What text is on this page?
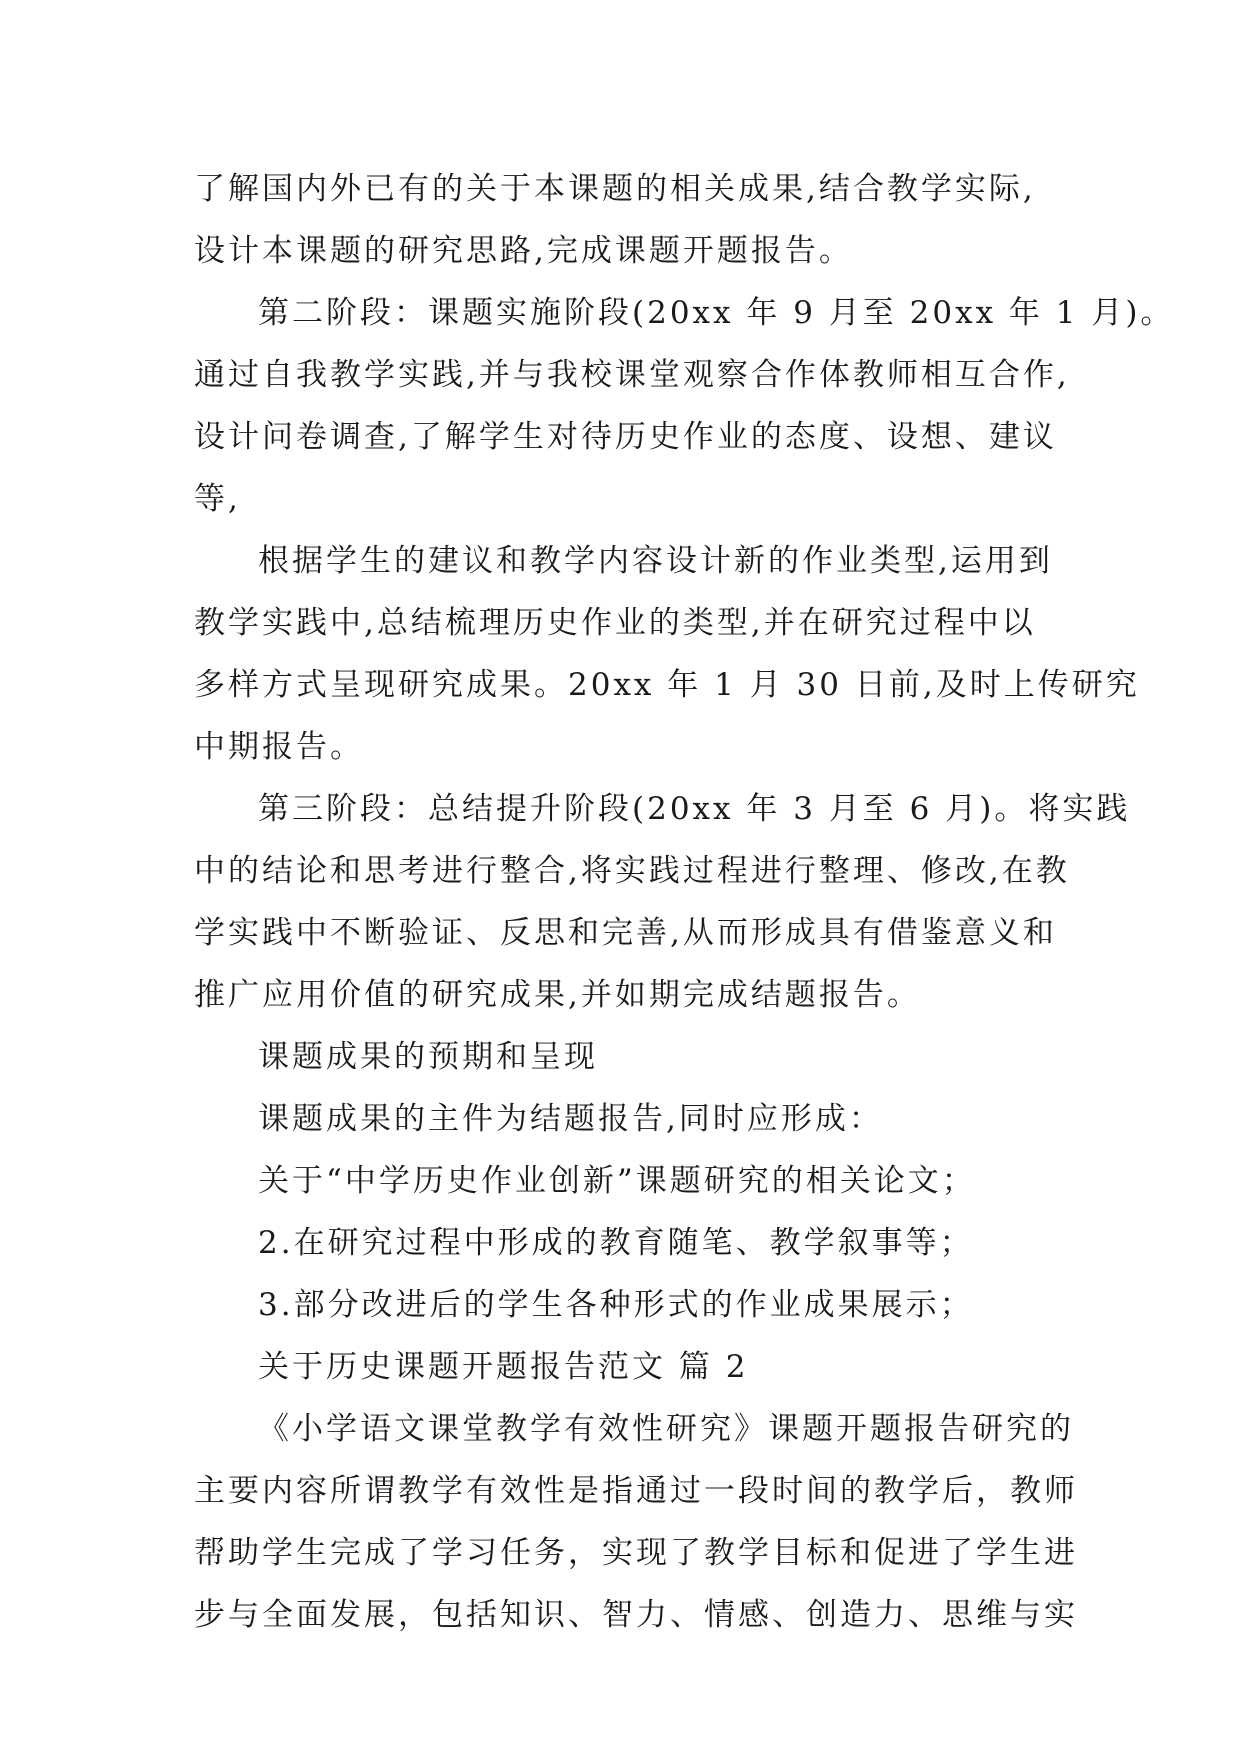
了解国内外已有的关于本课题的相关成果,结合教学实际,
设计本课题的研究思路,完成课题开题报告。
第二阶段：课题实施阶段(20xx 年 9 月至 20xx 年 1 月)。
通过自我教学实践,并与我校课堂观察合作体教师相互合作,
设计问卷调查,了解学生对待历史作业的态度、设想、建议
等,
根据学生的建议和教学内容设计新的作业类型,运用到
教学实践中,总结梳理历史作业的类型,并在研究过程中以
多样方式呈现研究成果。20xx 年 1 月 30 日前,及时上传研究
中期报告。
第三阶段：总结提升阶段(20xx 年 3 月至 6 月)。将实践
中的结论和思考进行整合,将实践过程进行整理、修改,在教
学实践中不断验证、反思和完善,从而形成具有借鉴意义和
推广应用价值的研究成果,并如期完成结题报告。
课题成果的预期和呈现
课题成果的主件为结题报告,同时应形成：
关于“中学历史作业创新”课题研究的相关论文；
2.在研究过程中形成的教育随笔、教学叙事等；
3.部分改进后的学生各种形式的作业成果展示；
关于历史课题开题报告范文 篇 2
《小学语文课堂教学有效性研究》课题开题报告研究的
主要内容所谓教学有效性是指通过一段时间的教学后，教师
帮助学生完成了学习任务，实现了教学目标和促进了学生进
步与全面发展，包括知识、智力、情感、创造力、思维与实
